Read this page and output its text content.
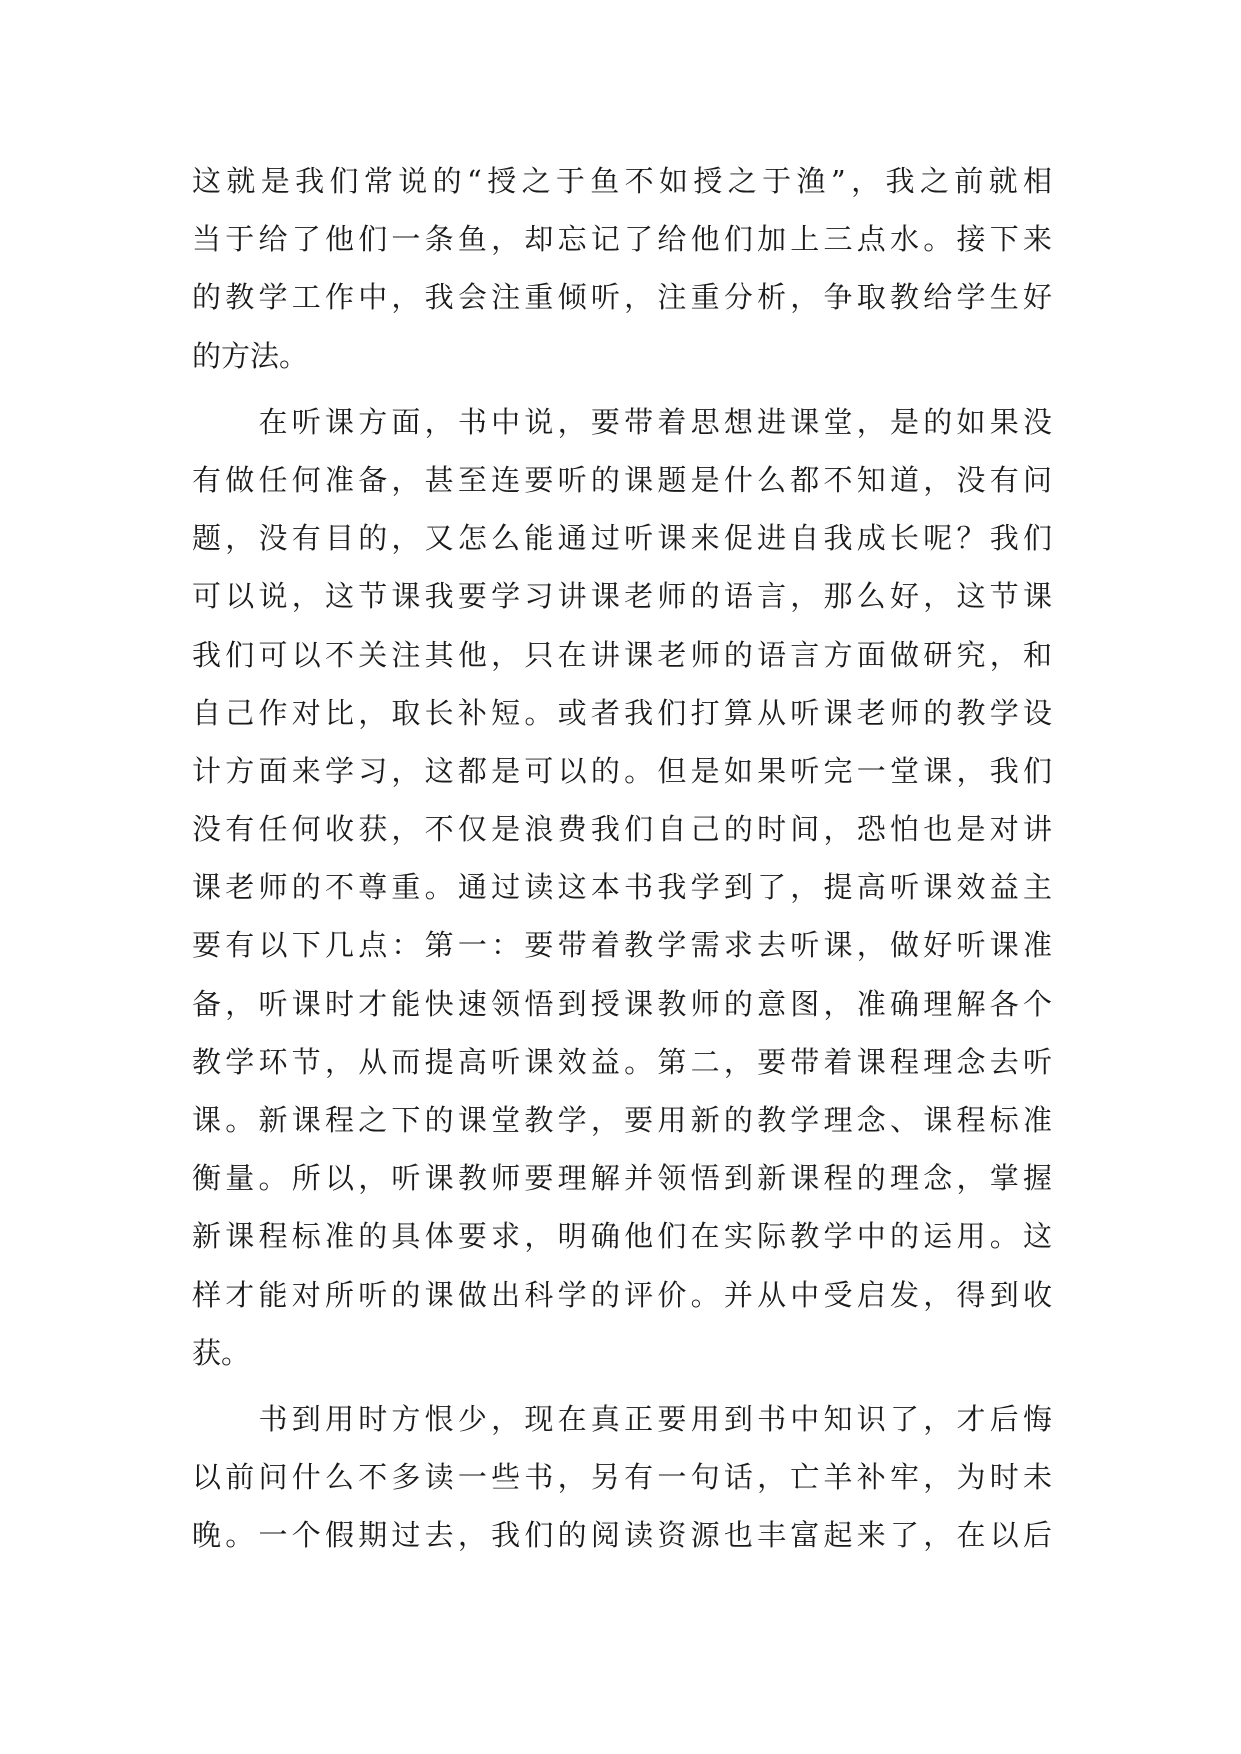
这就是我们常说的“授之于鱼不如授之于渔”，我之前就相
当于给了他们一条鱼，却忘记了给他们加上三点水。接下来
的教学工作中，我会注重倾听，注重分析，争取教给学生好
的方法。
　　在听课方面，书中说，要带着思想进课堂，是的如果没
有做任何准备，甚至连要听的课题是什么都不知道，没有问
题，没有目的，又怎么能通过听课来促进自我成长呢？我们
可以说，这节课我要学习讲课老师的语言，那么好，这节课
我们可以不关注其他，只在讲课老师的语言方面做研究，和
自己作对比，取长补短。或者我们打算从听课老师的教学设
计方面来学习，这都是可以的。但是如果听完一堂课，我们
没有任何收获，不仅是浪费我们自己的时间，恐怕也是对讲
课老师的不尊重。通过读这本书我学到了，提高听课效益主
要有以下几点：第一：要带着教学需求去听课，做好听课准
备，听课时才能快速领悟到授课教师的意图，准确理解各个
教学环节，从而提高听课效益。第二，要带着课程理念去听
课。新课程之下的课堂教学，要用新的教学理念、课程标准
衡量。所以，听课教师要理解并领悟到新课程的理念，掌握
新课程标准的具体要求，明确他们在实际教学中的运用。这
样才能对所听的课做出科学的评价。并从中受启发，得到收
获。
　　书到用时方恨少，现在真正要用到书中知识了，才后悔
以前问什么不多读一些书，另有一句话，亡羊补牢，为时未
晚。一个假期过去，我们的阅读资源也丰富起来了，在以后
